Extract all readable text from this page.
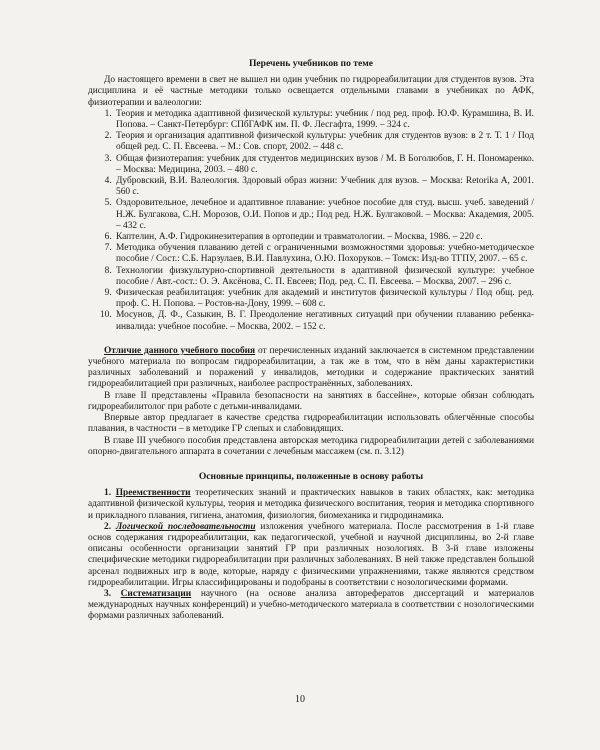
Перечень учебников по теме

До настоящего времени в свет не вышел ни один учебник по гидрореабилитации для студентов вузов. Эта дисциплина и её частные методики только освещается отдельными главами в учебниках по АФК, физиотерапии и валеологии:

1. Теория и методика адаптивной физической культуры: учебник / под ред. проф. Ю.Ф. Курамшина, В. И. Попова. – Санкт-Петербург: СПбГАФК им. П. Ф. Лесгафта, 1999. – 324 с.
2. Теория и организация адаптивной физической культуры: учебник для студентов вузов: в 2 т. Т. 1 / Под общей ред. С. П. Евсеева. – М.: Сов. спорт, 2002. – 448 с.
3. Общая физиотерапия: учебник для студентов медицинских вузов / М. В Боголюбов, Г. Н. Пономаренко. – Москва: Медицина, 2003. – 480 с.
4. Дубровский, В.И. Валеология. Здоровый образ жизни: Учебник для вузов. – Москва: Retorika A, 2001. 560 с.
5. Оздоровительное, лечебное и адаптивное плавание: учебное пособие для студ. высш. учеб. заведений / Н.Ж. Булгакова, С.Н. Морозов, О.И. Попов и др.; Под ред. Н.Ж. Булгаковой. – Москва: Академия, 2005. – 432 с.
6. Каптелин, А.Ф. Гидрокинезитерапия в ортопедии и травматологии. – Москва, 1986. – 220 с.
7. Методика обучения плаванию детей с ограниченными возможностями здоровья: учебно-методическое пособие / Сост.: С.Б. Нарзулаев, В.И. Павлухина, О.Ю. Похоруков. – Томск: Изд-во ТГПУ, 2007. – 65 с.
8. Технологии физкультурно-спортивной деятельности в адаптивной физической культуре: учебное пособие / Авт.-сост.: О. Э. Аксёнова, С. П. Евсеев; Под. ред. С. П. Евсеева. – Москва, 2007. – 296 с.
9. Физическая реабилитация: учебник для академий и институтов физической культуры / Под общ. ред. проф. С. Н. Попова. – Ростов-на-Дону, 1999. – 608 с.
10. Мосунов, Д. Ф., Сазыкин, В. Г. Преодоление негативных ситуаций при обучении плаванию ребенка-инвалида: учебное пособие. – Москва, 2002. – 152 с.

Отличие данного учебного пособия от перечисленных изданий заключается в системном представлении учебного материала по вопросам гидрореабилитации, а так же в том, что в нём даны характеристики различных заболеваний и поражений у инвалидов, методики и содержание практических занятий гидрореабилитацией при различных, наиболее распространённых, заболеваниях.

В главе II представлены «Правила безопасности на занятиях в бассейне», которые обязан соблюдать гидрореабилитолог при работе с детьми-инвалидами.

Впервые автор предлагает в качестве средства гидрореабилитации использовать облегчённые способы плавания, в частности – в методике ГР слепых и слабовидящих.

В главе III учебного пособия представлена авторская методика гидрореабилитации детей с заболеваниями опорно-двигательного аппарата в сочетании с лечебным массажем (см. п. 3.12)

Основные принципы, положенные в основу работы

1. Преемственности теоретических знаний и практических навыков в таких областях, как: методика адаптивной физической культуры, теория и методика физического воспитания, теория и методика спортивного и прикладного плавания, гигиена, анатомия, физиология, биомеханика и гидродинамика.

2. Логической последовательности изложения учебного материала. После рассмотрения в 1-й главе основ содержания гидрореабилитации, как педагогической, учебной и научной дисциплины, во 2-й главе описаны особенности организации занятий ГР при различных нозологиях. В 3-й главе изложены специфические методики гидрореабилитации при различных заболеваниях. В ней также представлен большой арсенал подвижных игр в воде, которые, наряду с физическими упражнениями, также являются средством гидрореабилитации. Игры классифицированы и подобраны в соответствии с нозологическими формами.

3. Систематизации научного (на основе анализа авторефератов диссертаций и материалов международных научных конференций) и учебно-методического материала в соответствии с нозологическими формами различных заболеваний.

10
